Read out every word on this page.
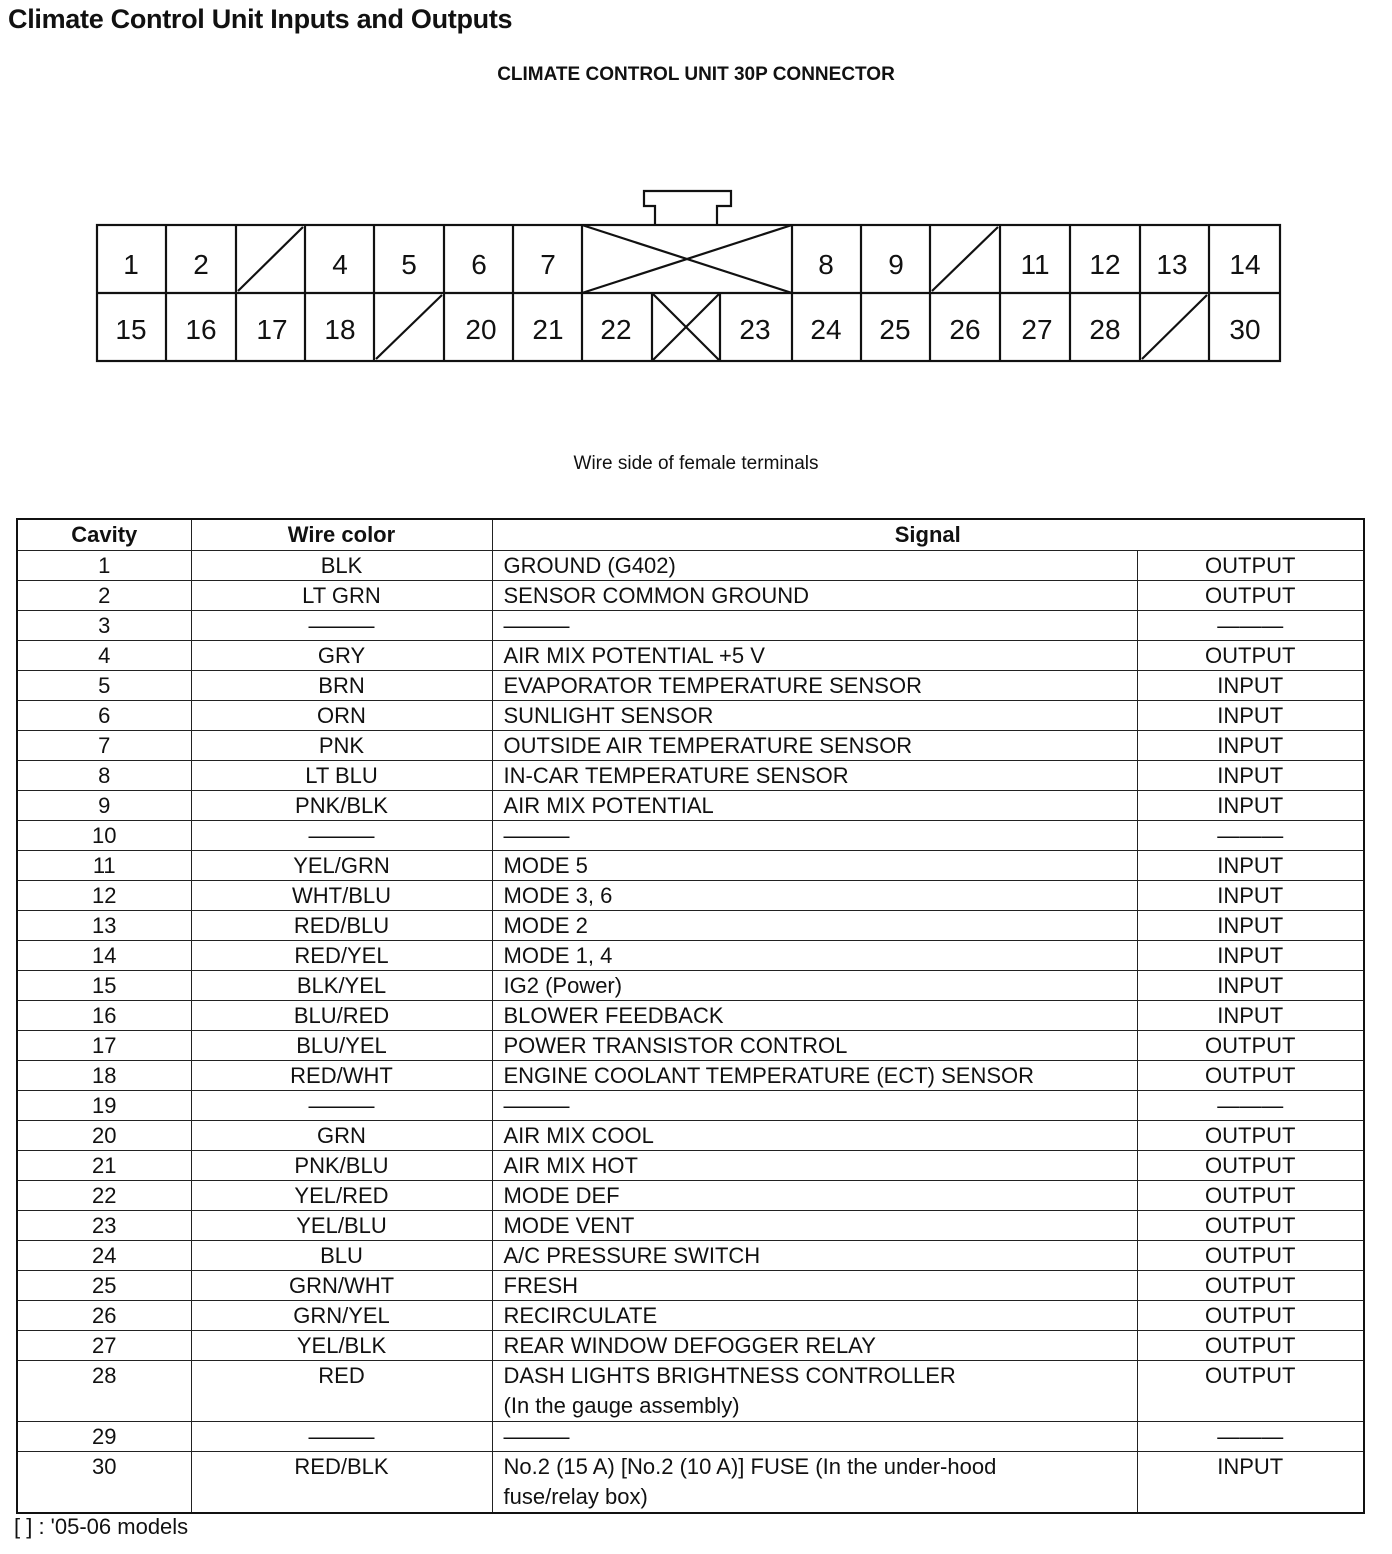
Climate Control Unit Inputs and Outputs
CLIMATE CONTROL UNIT 30P CONNECTOR
1 2	4 5 6 7	8 9	11 12 13 14
15 16 17 18	20 21 22	23 24 25 26 27 28	30
Wire side of female terminals
Cavity	Wire color	Signal	
1	BLK	GROUND (G402)	OUTPUT
2	LT GRN	SENSOR COMMON GROUND	OUTPUT
3	———	———	———
4	GRY	AIR MIX POTENTIAL +5 V	OUTPUT
5	BRN	EVAPORATOR TEMPERATURE SENSOR	INPUT
6	ORN	SUNLIGHT SENSOR	INPUT
7	PNK	OUTSIDE AIR TEMPERATURE SENSOR	INPUT
8	LT BLU	IN-CAR TEMPERATURE SENSOR	INPUT
9	PNK/BLK	AIR MIX POTENTIAL	INPUT
10	———	———	———
11	YEL/GRN	MODE 5	INPUT
12	WHT/BLU	MODE 3, 6	INPUT
13	RED/BLU	MODE 2	INPUT
14	RED/YEL	MODE 1, 4	INPUT
15	BLK/YEL	IG2 (Power)	INPUT
16	BLU/RED	BLOWER FEEDBACK	INPUT
17	BLU/YEL	POWER TRANSISTOR CONTROL	OUTPUT
18	RED/WHT	ENGINE COOLANT TEMPERATURE (ECT) SENSOR	OUTPUT
19	———	———	———
20	GRN	AIR MIX COOL	OUTPUT
21	PNK/BLU	AIR MIX HOT	OUTPUT
22	YEL/RED	MODE DEF	OUTPUT
23	YEL/BLU	MODE VENT	OUTPUT
24	BLU	A/C PRESSURE SWITCH	OUTPUT
25	GRN/WHT	FRESH	OUTPUT
26	GRN/YEL	RECIRCULATE	OUTPUT
27	YEL/BLK	REAR WINDOW DEFOGGER RELAY	OUTPUT
28	RED	DASH LIGHTS BRIGHTNESS CONTROLLER
(In the gauge assembly)	OUTPUT
29	———	———	———
30	RED/BLK	No.2 (15 A) [No.2 (10 A)] FUSE (In the under-hood
fuse/relay box)	INPUT
[ ] : '05-06 models
